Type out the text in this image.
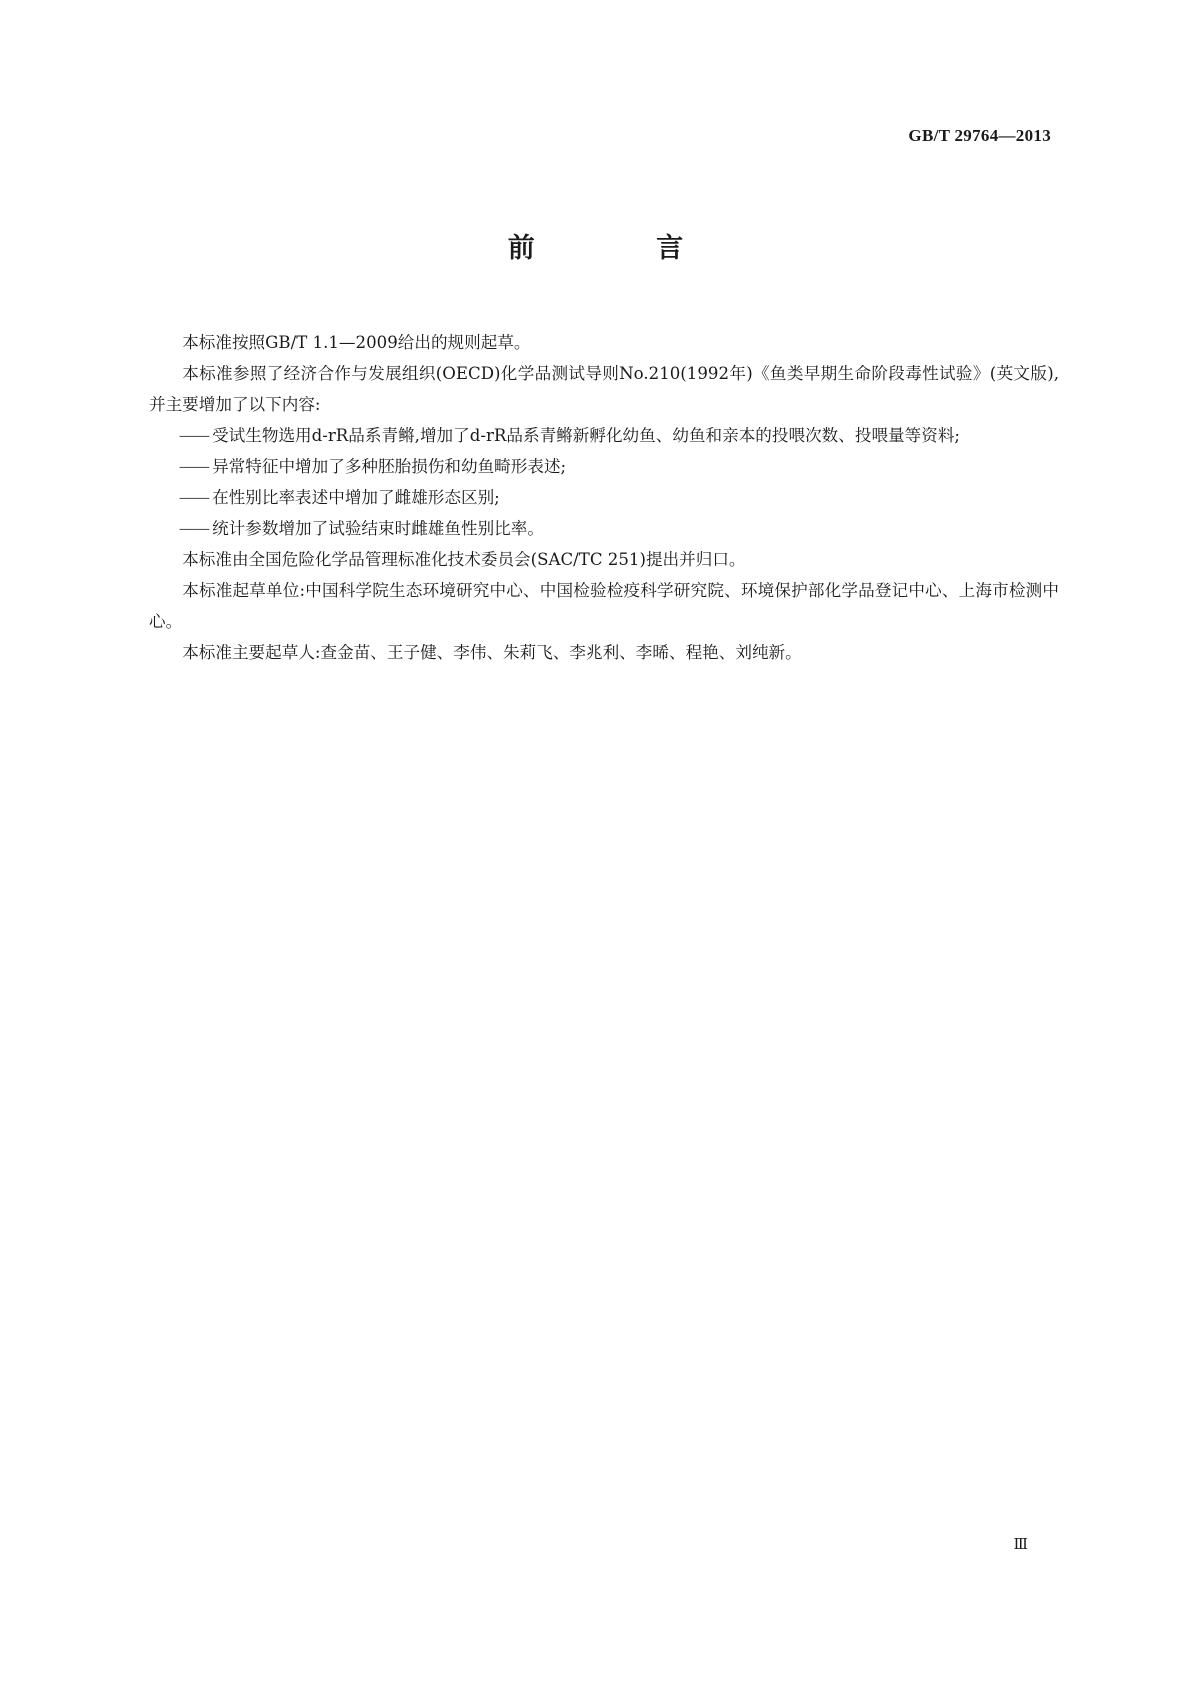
GB/T 29764—2013
前 言

本标准按照GB/T 1.1—2009给出的规则起草。

本标准参照了经济合作与发展组织(OECD)化学品测试导则No.210(1992年)《鱼类早期生命阶段毒性试验》(英文版),并主要增加了以下内容:

—— 受试生物选用d-rR品系青鳉,增加了d-rR品系青鳉新孵化幼鱼、幼鱼和亲本的投喂次数、投喂量等资料;

—— 异常特征中增加了多种胚胎损伤和幼鱼畸形表述;

—— 在性别比率表述中增加了雌雄形态区别;

—— 统计参数增加了试验结束时雌雄鱼性别比率。

本标准由全国危险化学品管理标准化技术委员会(SAC/TC 251)提出并归口。

本标准起草单位:中国科学院生态环境研究中心、中国检验检疫科学研究院、环境保护部化学品登记中心、上海市检测中心。

本标准主要起草人:查金苗、王子健、李伟、朱莉飞、李兆利、李晞、程艳、刘纯新。

Ⅲ
